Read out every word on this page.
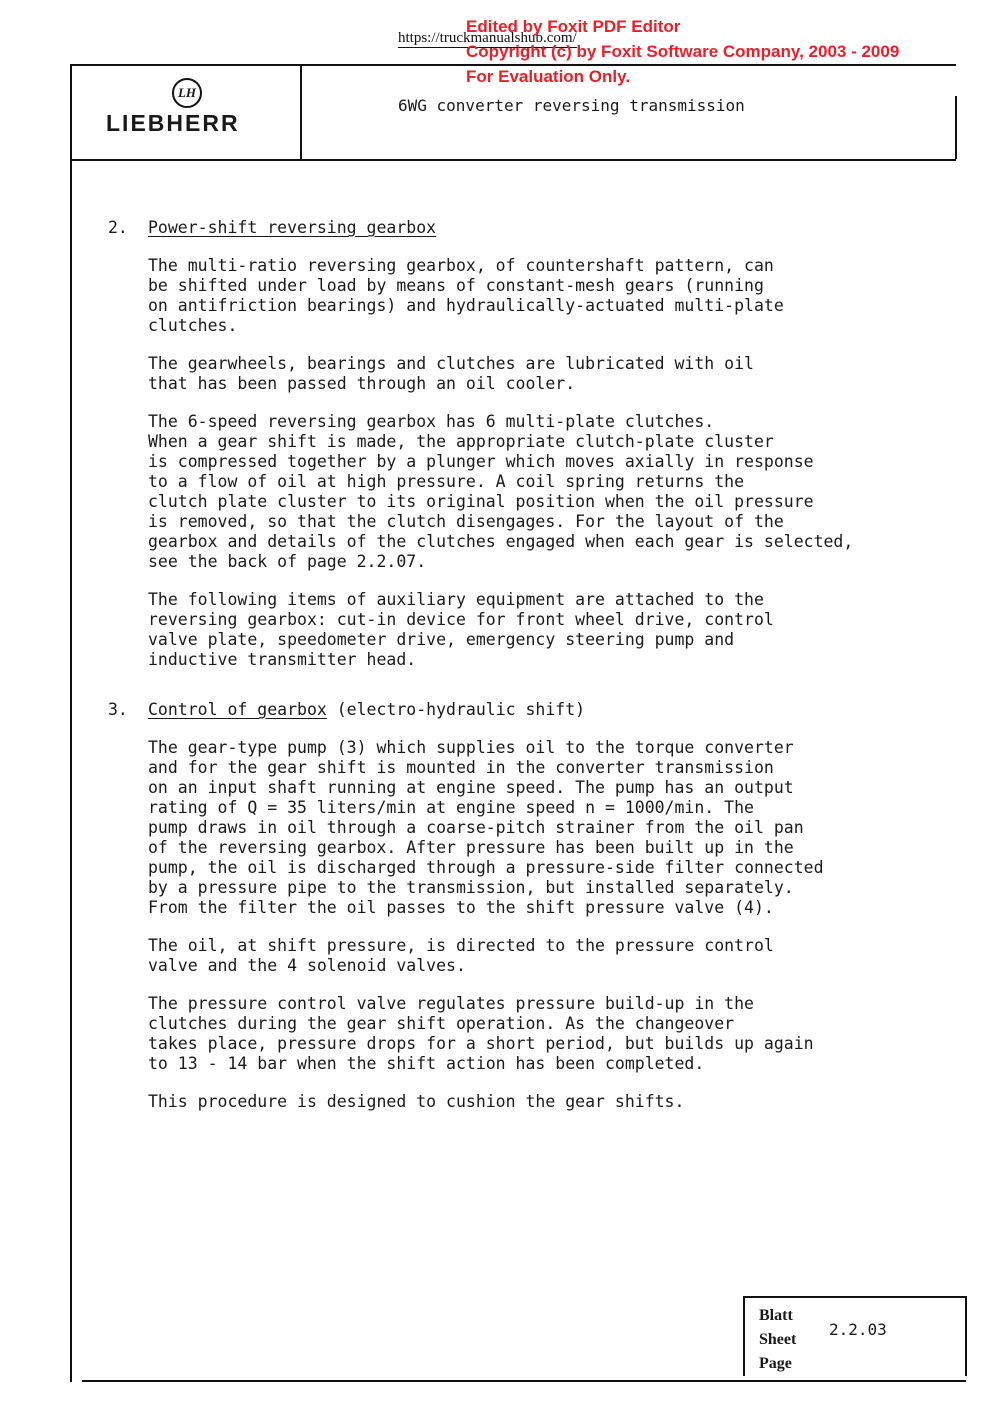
https://truckmanualshub.com/
Edited by Foxit PDF Editor
Copyright (c) by Foxit Software Company, 2003 - 2009
For Evaluation Only.
LH
LIEBHERR
6WG converter reversing transmission
2.	Power-shift reversing gearbox
The multi-ratio reversing gearbox, of countershaft pattern, can
be shifted under load by means of constant-mesh gears (running
on antifriction bearings) and hydraulically-actuated multi-plate
clutches.
The gearwheels, bearings and clutches are lubricated with oil
that has been passed through an oil cooler.
The 6-speed reversing gearbox has 6 multi-plate clutches.
When a gear shift is made, the appropriate clutch-plate cluster
is compressed together by a plunger which moves axially in response
to a flow of oil at high pressure. A coil spring returns the
clutch plate cluster to its original position when the oil pressure
is removed, so that the clutch disengages. For the layout of the
gearbox and details of the clutches engaged when each gear is selected,
see the back of page 2.2.07.
The following items of auxiliary equipment are attached to the
reversing gearbox: cut-in device for front wheel drive, control
valve plate, speedometer drive, emergency steering pump and
inductive transmitter head.
3.	Control of gearbox (electro-hydraulic shift)
The gear-type pump (3) which supplies oil to the torque converter
and for the gear shift is mounted in the converter transmission
on an input shaft running at engine speed. The pump has an output
rating of Q = 35 liters/min at engine speed n = 1000/min. The
pump draws in oil through a coarse-pitch strainer from the oil pan
of the reversing gearbox. After pressure has been built up in the
pump, the oil is discharged through a pressure-side filter connected
by a pressure pipe to the transmission, but installed separately.
From the filter the oil passes to the shift pressure valve (4).
The oil, at shift pressure, is directed to the pressure control
valve and the 4 solenoid valves.
The pressure control valve regulates pressure build-up in the
clutches during the gear shift operation. As the changeover
takes place, pressure drops for a short period, but builds up again
to 13 - 14 bar when the shift action has been completed.
This procedure is designed to cushion the gear shifts.
Blatt
Sheet
Page
2.2.03
